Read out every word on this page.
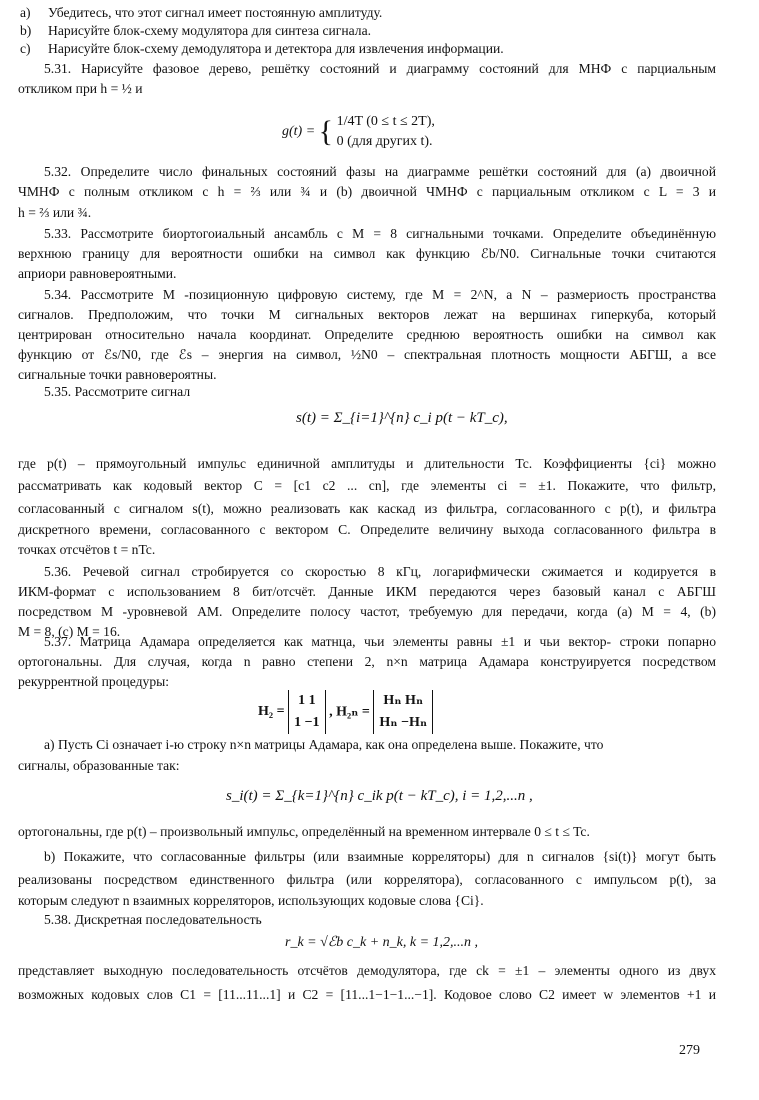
a) Убедитесь, что этот сигнал имеет постоянную амплитуду.
b) Нарисуйте блок-схему модулятора для синтеза сигнала.
c) Нарисуйте блок-схему демодулятора и детектора для извлечения информации.
5.31. Нарисуйте фазовое дерево, решётку состояний и диаграмму состояний для МНФ с парциальным
откликом при h = ½ и
g(t) = { 1/4T (0 ≤ t ≤ 2T),
0 (для других t).
5.32. Определите число финальных состояний фазы на диаграмме решётки состояний для (а) двоичной
ЧМНФ с полным откликом с h = ⅔ или ¾ и (b) двоичной ЧМНФ с парциальным откликом с L = 3 и
h = ⅔ или ¾.
5.33. Рассмотрите биортогоиальный ансамбль с M = 8 сигнальными точками. Определите объединённую
верхнюю границу для вероятности ошибки на символ как функцию ℰb/N0. Сигнальные точки считаются
априори равновероятными.
5.34. Рассмотрите M -позиционную цифровую систему, где M = 2^N, а N – размериость пространства
сигналов. Предположим, что точки M сигнальных векторов лежат на вершинах гиперкуба, который
центрирован относительно начала координат. Определите среднюю вероятность ошибки на символ как
функцию от ℰs/N0, где ℰs – энергия на символ, ½N0 – спектральная плотность мощности АБГШ, а все
сигнальные точки равновероятны.
5.35. Рассмотрите сигнал
s(t) = Σ_{i=1}^{n} c_i p(t − kT_c),
где p(t) – прямоугольный импульс единичной амплитуды и длительности Tc. Коэффициенты {ci} можно
рассматривать как кодовый вектор C = [c1 c2 ... cn], где элементы ci = ±1. Покажите, что фильтр,
согласованный с сигналом s(t), можно реализовать как каскад из фильтра, согласованного с p(t), и фильтра
дискретного времени, согласованного с вектором C. Определите величину выхода согласованного фильтра в
точках отсчётов t = nTc.
5.36. Речевой сигнал стробируется со скоростью 8 кГц, логарифмически сжимается и кодируется в
ИКМ-формат с использованием 8 бит/отсчёт. Данные ИКМ передаются через базовый канал с АБГШ
посредством M -уровневой АМ. Определите полосу частот, требуемую для передачи, когда (а) M = 4, (b)
M = 8, (c) M = 16.
5.37. Матрица Адамара определяется как матнца, чьи элементы равны ±1 и чьи вектор- строки попарно
ортогональны. Для случая, когда n равно степени 2, n×n матрица Адамара конструируется посредством
рекуррентной процедуры:
H₂ = 1 1
1 −1 , H₂ₙ = Hₙ Hₙ
Hₙ −Hₙ
а) Пусть Ci означает i-ю строку n×n матрицы Адамара, как она определена выше. Покажите, что
сигналы, образованные так:
s_i(t) = Σ_{k=1}^{n} c_ik p(t − kT_c), i = 1,2,...n ,
ортогональны, где p(t) – произвольный импульс, определённый на временном интервале 0 ≤ t ≤ Tc.
b) Покажите, что согласованные фильтры (или взаимные корреляторы) для n сигналов {si(t)} могут быть
реализованы посредством единственного фильтра (или коррелятора), согласованного с импульсом p(t), за
которым следуют n взаимных корреляторов, использующих кодовые слова {Ci}.
5.38. Дискретная последовательность
r_k = √ℰb c_k + n_k, k = 1,2,...n ,
представляет выходную последовательность отсчётов демодулятора, где ck = ±1 – элементы одного из двух
возможных кодовых слов C1 = [11...11...1] и C2 = [11...1−1−1...−1]. Кодовое слово C2 имеет w элементов +1 и
279
